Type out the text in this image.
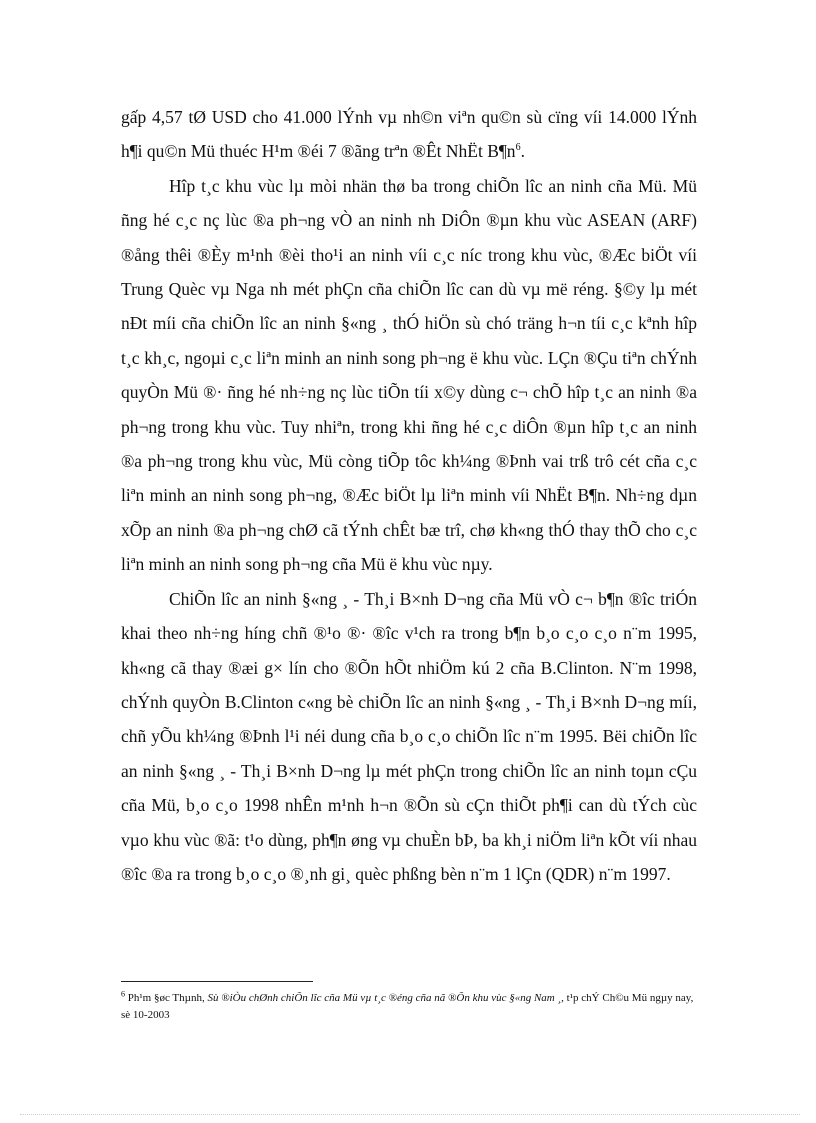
gấp 4,57 tØ USD cho 41.000 lÝnh vµ nh©n viªn qu©n sù cïng víi 14.000 lÝnh h¶i qu©n Mü thuéc H¹m ®éi 7 ®ãng trªn ®Êt NhËt $B\P n^6$.

Hîp t¸c khu vùc lµ mòi nhän thø ba trong chiÕn lîc an ninh cña Mü. Mü ñng hé c¸c nç lùc ®a ph¬ng vÒ an ninh nh DiÔn ®µn khu vùc ASEAN (ARF) ®ång thêi ®Èy m¹nh ®èi tho¹i an ninh víi c¸c níc trong khu vùc, ®Æc biÖt víi Trung Quèc vµ Nga nh mét phÇn cña chiÕn lîc can dù vµ më réng. §©y lµ mét nÐt míi cña chiÕn lîc an ninh §«ng ¸ thÓ hiÖn sù chó träng h¬n tíi c¸c kªnh hîp t¸c kh¸c, ngoµi c¸c liªn minh an ninh song ph¬ng ë khu vùc. LÇn ®Çu tiªn chÝnh quyÒn Mü ®· ñng hé nh÷ng nç lùc tiÕn tíi x©y dùng c¬ chÕ hîp t¸c an ninh ®a ph¬ng trong khu vùc. Tuy nhiªn, trong khi ñng hé c¸c diÔn ®µn hîp t¸c an ninh ®a ph¬ng trong khu vùc, Mü còng tiÕp tôc kh¼ng ®Þnh vai trß trô cét cña c¸c liªn minh an ninh song ph¬ng, ®Æc biÖt lµ liªn minh víi NhËt B¶n. Nh÷ng dµn xÕp an ninh ®a ph¬ng chØ cã tÝnh chÊt bæ trî, chø kh«ng thÓ thay thÕ cho c¸c liªn minh an ninh song ph¬ng cña Mü ë khu vùc nµy.

ChiÕn lîc an ninh §«ng ¸ - Th¸i B×nh D¬ng cña Mü vÒ c¬ b¶n ®îc triÓn khai theo nh÷ng híng chñ ®¹o ®· ®îc v¹ch ra trong b¶n b¸o c¸o c¸o n¨m 1995, kh«ng cã thay ®æi g× lín cho ®Õn hÕt nhiÖm kú 2 cña B.Clinton. N¨m 1998, chÝnh quyÒn B.Clinton c«ng bè chiÕn lîc an ninh §«ng ¸ - Th¸i B×nh D¬ng míi, chñ yÕu kh¼ng ®Þnh l¹i néi dung cña b¸o c¸o chiÕn lîc n¨m 1995. Bëi chiÕn lîc an ninh §«ng ¸ - Th¸i B×nh D¬ng lµ mét phÇn trong chiÕn lîc an ninh toµn cÇu cña Mü, b¸o c¸o 1998 nhÊn m¹nh h¬n ®Õn sù cÇn thiÕt ph¶i can dù tÝch cùc vµo khu vùc ®ã: t¹o dùng, ph¶n øng vµ chuÈn bÞ, ba kh¸i niÖm liªn kÕt víi nhau ®îc ®a ra trong b¸o c¸o ®¸nh gi¸ quèc phßng bèn n¨m 1 lÇn (QDR) n¨m 1997.

$^6$ Ph¹m §øc Thµnh, Sù ®iÒu chØnh chiÕn lîc cña Mü vµ t¸c ®éng cña nã ®Õn khu vùc §«ng Nam ¸, t¹p chÝ Ch©u Mü ngµy nay, sè 10-2003
